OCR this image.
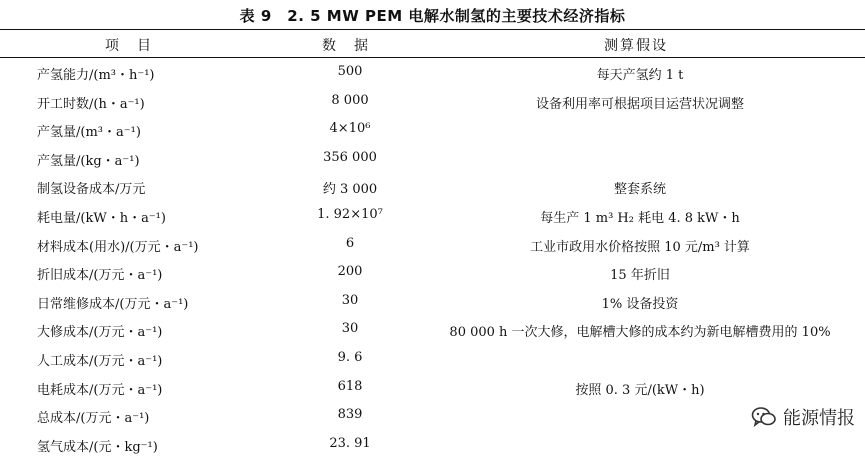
表 9　2. 5 MW PEM 电解水制氢的主要技术经济指标
项　目	数　据	测算假设
产氢能力/(m³・h⁻¹)	500	每天产氢约 1 t
开工时数/(h・a⁻¹)	8 000	设备利用率可根据项目运营状况调整
产氢量/(m³・a⁻¹)	4×10⁶
产氢量/(kg・a⁻¹)	356 000
制氢设备成本/万元	约 3 000	整套系统
耗电量/(kW・h・a⁻¹)	1. 92×10⁷	每生产 1 m³ H₂ 耗电 4. 8 kW・h
材料成本(用水)/(万元・a⁻¹)	6	工业市政用水价格按照 10 元/m³ 计算
折旧成本/(万元・a⁻¹)	200	15 年折旧
日常维修成本/(万元・a⁻¹)	30	1% 设备投资
大修成本/(万元・a⁻¹)	30	80 000 h 一次大修，电解槽大修的成本约为新电解槽费用的 10%
人工成本/(万元・a⁻¹)	9. 6
电耗成本/(万元・a⁻¹)	618	按照 0. 3 元/(kW・h)
总成本/(万元・a⁻¹)	839
氢气成本/(元・kg⁻¹)	23. 91
能源情报
